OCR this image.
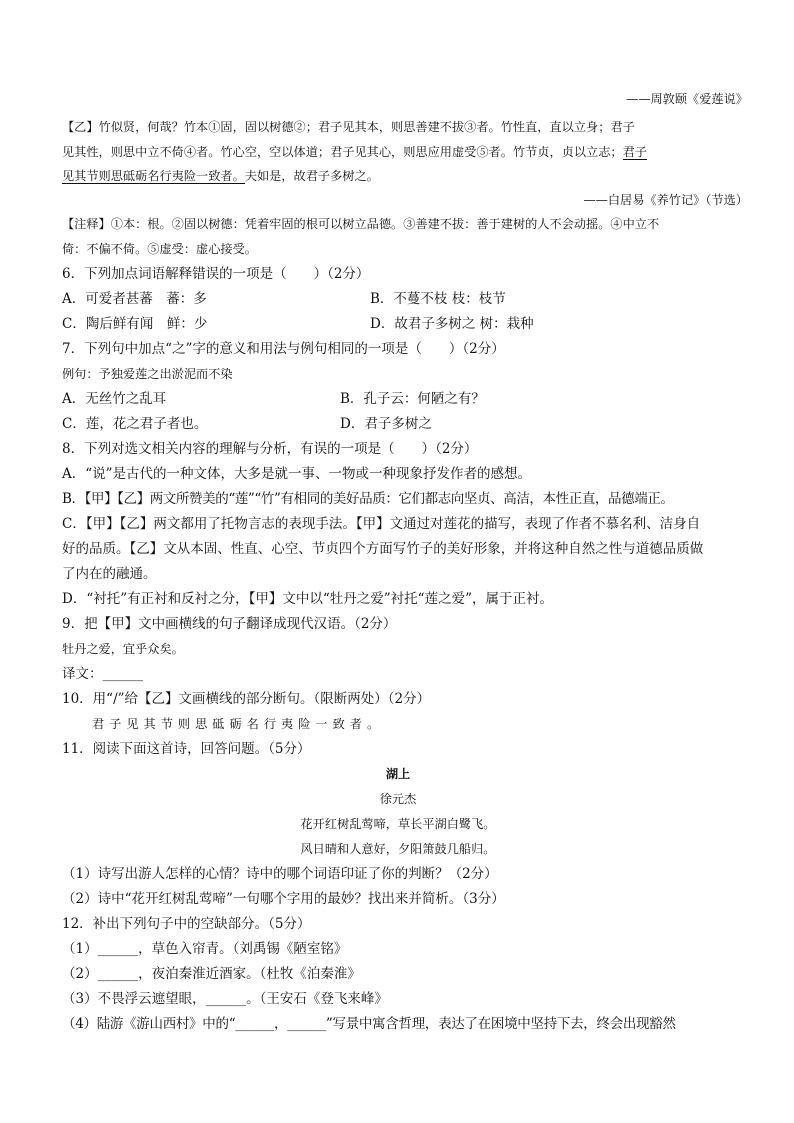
——周敦颐《爱莲说》
【乙】竹似贤，何哉？竹本①固，固以树德②；君子见其本，则思善建不拔③者。竹性直，直以立身；君子
见其性，则思中立不倚④者。竹心空，空以体道；君子见其心，则思应用虚受⑤者。竹节贞，贞以立志；君子
见其节则思砥砺名行夷险一致者。夫如是，故君子多树之。
——白居易《养竹记》（节选）
【注释】①本：根。②固以树德：凭着牢固的根可以树立品德。③善建不拔：善于建树的人不会动摇。④中立不
倚：不偏不倚。⑤虚受：虚心接受。
6．下列加点词语解释错误的一项是（　　）（2分）
A．可爱者甚蕃　蕃：多	B．不蔓不枝 枝：枝节
C．陶后鲜有闻　鲜：少	D．故君子多树之 树：栽种
7．下列句中加点“之”字的意义和用法与例句相同的一项是（　　）（2分）
例句：予独爱莲之出淤泥而不染
A．无丝竹之乱耳	B．孔子云：何陋之有？
C．莲，花之君子者也。	D．君子多树之
8．下列对选文相关内容的理解与分析，有误的一项是（　　）（2分）
A．“说”是古代的一种文体，大多是就一事、一物或一种现象抒发作者的感想。
B．【甲】【乙】两文所赞美的“莲”“竹”有相同的美好品质：它们都志向坚贞、高洁，本性正直，品德端正。
C．【甲】【乙】两文都用了托物言志的表现手法。【甲】文通过对莲花的描写，表现了作者不慕名利、洁身自
好的品质。【乙】文从本固、性直、心空、节贞四个方面写竹子的美好形象，并将这种自然之性与道德品质做
了内在的融通。
D．“衬托”有正衬和反衬之分，【甲】文中以“牡丹之爱”衬托“莲之爱”，属于正衬。
9．把【甲】文中画横线的句子翻译成现代汉语。（2分）
牡丹之爱，宜乎众矣。
译文：______
10．用“/”给【乙】文画横线的部分断句。（限断两处）（2分）
君子见其节则思砥砺名行夷险一致者。
11．阅读下面这首诗，回答问题。（5分）
湖上
徐元杰
花开红树乱莺啼，草长平湖白鹭飞。
风日晴和人意好，夕阳箫鼓几船归。
（1）诗写出游人怎样的心情？诗中的哪个词语印证了你的判断？（2分）
（2）诗中“花开红树乱莺啼”一句哪个字用的最妙？找出来并简析。（3分）
12．补出下列句子中的空缺部分。（5分）
（1）______，草色入帘青。（刘禹锡《陋室铭》
（2）______，夜泊秦淮近酒家。（杜牧《泊秦淮》
（3）不畏浮云遮望眼，______。（王安石《登飞来峰》
（4）陆游《游山西村》中的“______，______”写景中寓含哲理，表达了在困境中坚持下去，终会出现豁然
